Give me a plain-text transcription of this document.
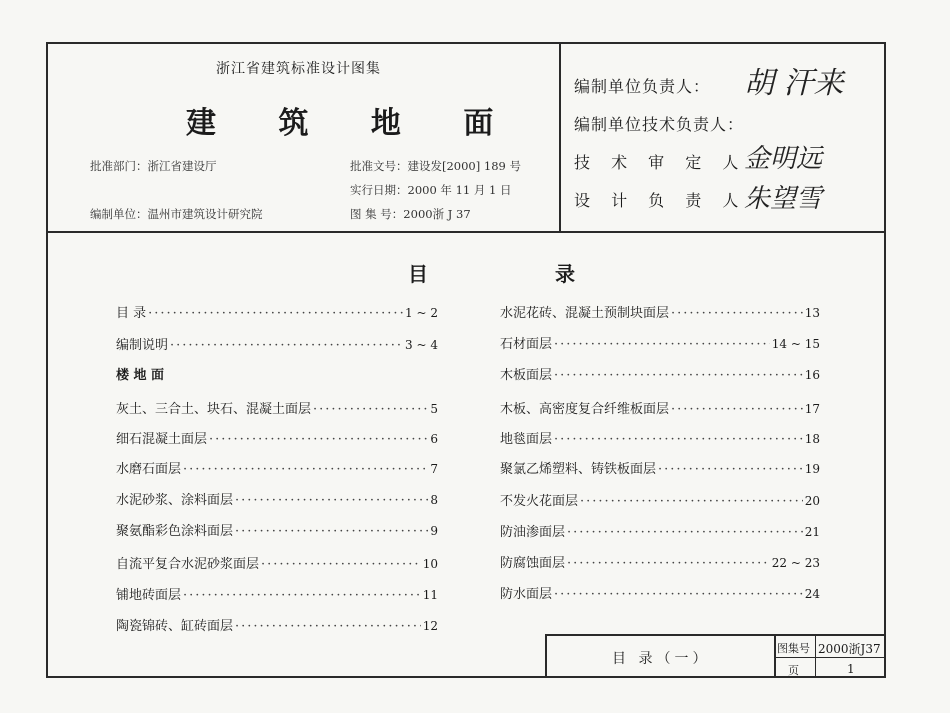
浙江省建筑标准设计图集
建 筑 地 面
批准部门：浙江省建设厅	批准文号：建设发[2000] 189 号
实行日期：2000 年 11 月 1 日
编制单位：温州市建筑设计研究院	图 集 号：2000浙 J 37
编制单位负责人： 胡 汗来
编制单位技术负责人：
技 术 审 定 人：
金明远
设 计 负 责 人：
朱望雪
目 录
目 录 ·····	1 ~ 2
编制说明 ·····	3 ~ 4
楼 地 面
灰土、三合土、块石、混凝土面层 ·····	5
细石混凝土面层 ·····	6
水磨石面层 ·····	7
水泥砂浆、涂料面层 ·····	8
聚氨酯彩色涂料面层 ·····	9
自流平复合水泥砂浆面层 ·····	10
铺地砖面层 ·····	11
陶瓷锦砖、缸砖面层 ·····	12
水泥花砖、混凝土预制块面层 ·····	13
石材面层 ·····	14 ~ 15
木板面层 ·····	16
木板、高密度复合纤维板面层 ·····	17
地毯面层 ·····	18
聚氯乙烯塑料、铸铁板面层 ·····	19
不发火花面层 ·····	20
防油渗面层 ·····	21
防腐蚀面层 ·····	22 ~ 23
防水面层 ·····	24
目 录（一）
图集号 2000浙J37
页	1
